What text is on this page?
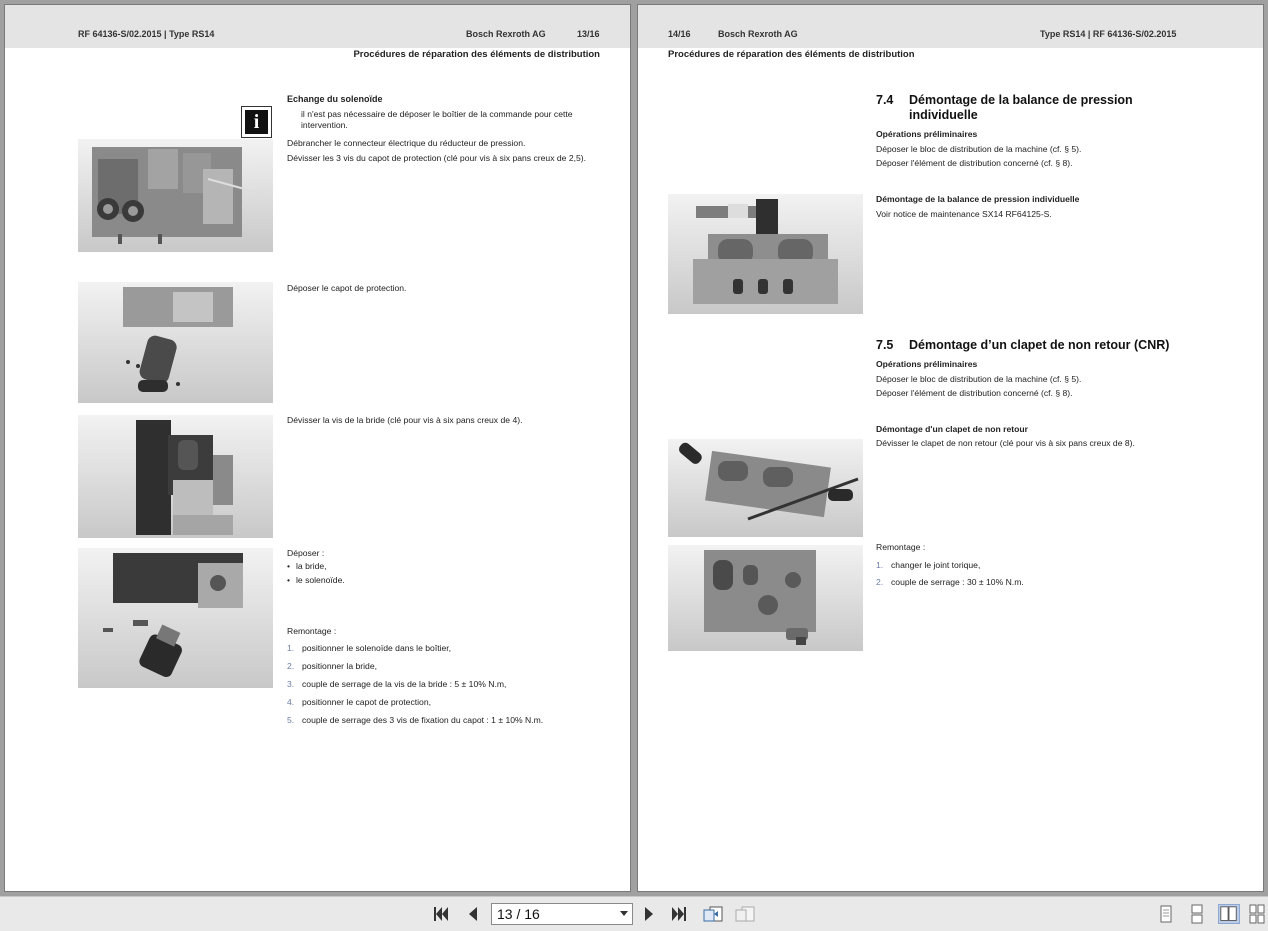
RF 64136-S/02.2015 | Type RS14	Bosch Rexroth AG	13/16
Procédures de réparation des éléments de distribution
Echange du solenoïde
i	il n'est pas nécessaire de déposer le boîtier de la commande pour cette intervention.
Débrancher le connecteur électrique du réducteur de pression.
Dévisser les 3 vis du capot de protection (clé pour vis à six pans creux de 2,5).
Déposer le capot de protection.
Dévisser la vis de la bride (clé pour vis à six pans creux de 4).
Déposer :
• la bride,
• le solenoïde.
Remontage :
1. positionner le solenoïde dans le boîtier,
2. positionner la bride,
3. couple de serrage de la vis de la bride : 5 ± 10% N.m,
4. positionner le capot de protection,
5. couple de serrage des 3 vis de fixation du capot : 1 ± 10% N.m.
14/16	Bosch Rexroth AG	Type RS14 | RF 64136-S/02.2015
Procédures de réparation des éléments de distribution
7.4 Démontage de la balance de pression
individuelle
Opérations préliminaires
Déposer le bloc de distribution de la machine (cf. § 5).
Déposer l'élément de distribution concerné (cf. § 8).
Démontage de la balance de pression individuelle
Voir notice de maintenance SX14 RF64125-S.
7.5 Démontage d’un clapet de non retour (CNR)
Opérations préliminaires
Déposer le bloc de distribution de la machine (cf. § 5).
Déposer l'élément de distribution concerné (cf. § 8).
Démontage d'un clapet de non retour
Dévisser le clapet de non retour (clé pour vis à six pans creux de 8).
Remontage :
1. changer le joint torique,
2. couple de serrage : 30 ± 10% N.m.
13 / 16
